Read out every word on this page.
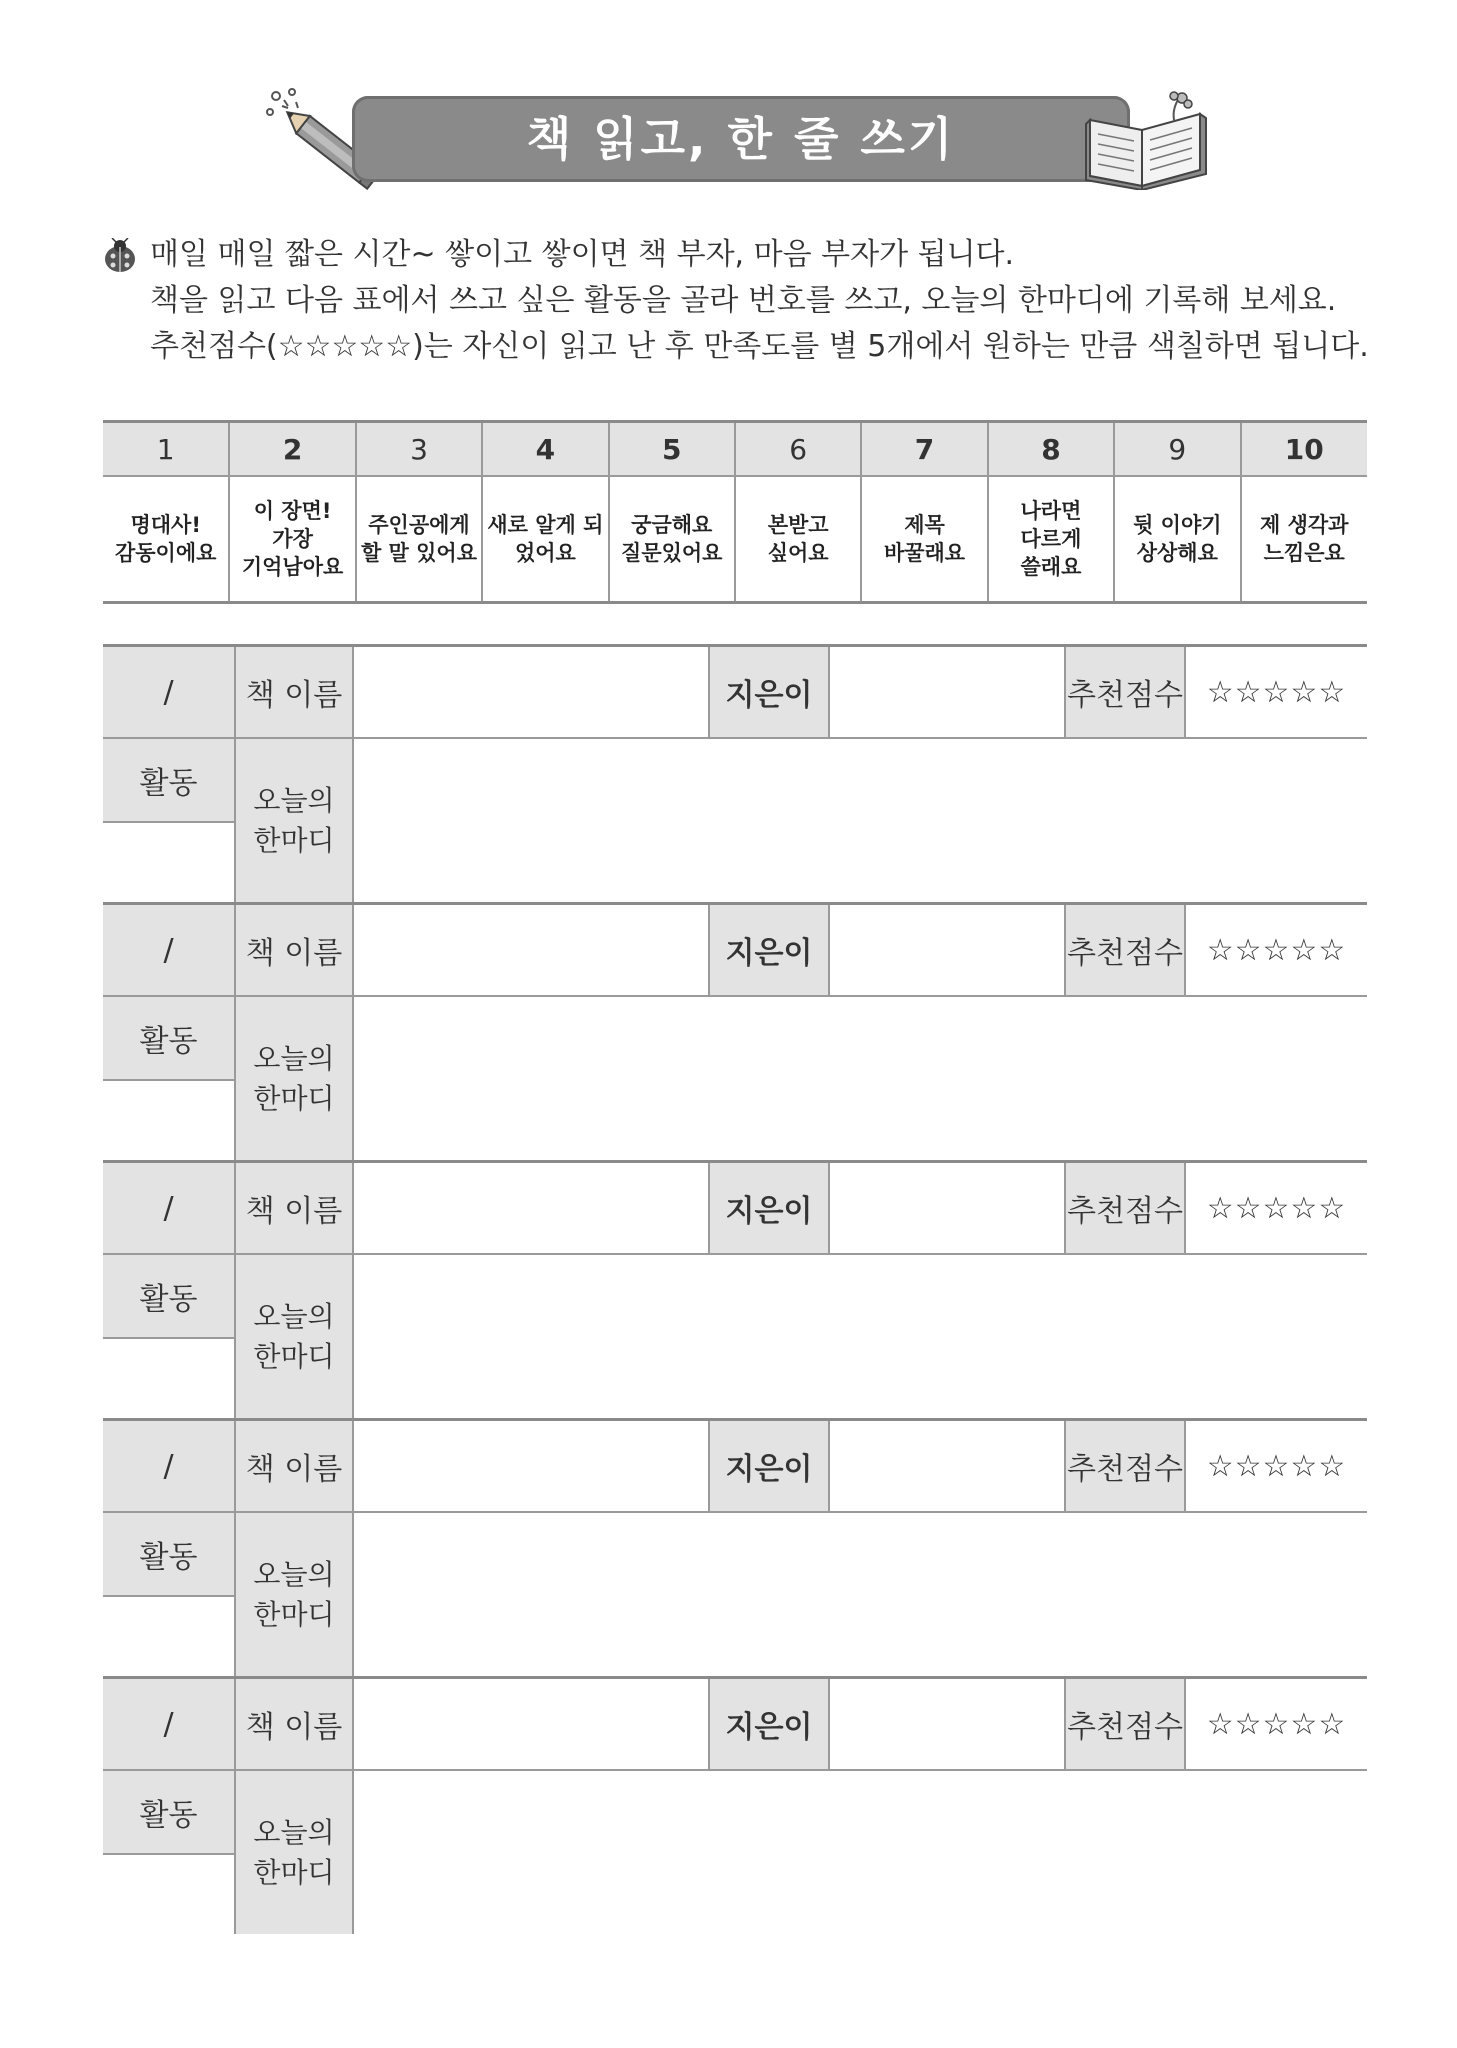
책 읽고, 한 줄 쓰기
매일 매일 짧은 시간~ 쌓이고 쌓이면 책 부자, 마음 부자가 됩니다.
책을 읽고 다음 표에서 쓰고 싶은 활동을 골라 번호를 쓰고, 오늘의 한마디에 기록해 보세요.
추천점수(☆☆☆☆☆)는 자신이 읽고 난 후 만족도를 별 5개에서 원하는 만큼 색칠하면 됩니다.
1	2	3	4	5	6	7	8	9	10
명대사!
감동이에요	이 장면!
가장
기억남아요	주인공에게
할 말 있어요	새로 알게 되
었어요	궁금해요
질문있어요	본받고
싶어요	제목
바꿀래요	나라면
다르게
쓸래요	뒷 이야기
상상해요	제 생각과
느낌은요
/	책 이름	지은이	추천점수 ☆☆☆☆☆
활동	오늘의
한마디
/	책 이름	지은이	추천점수 ☆☆☆☆☆
활동	오늘의
한마디
/	책 이름	지은이	추천점수 ☆☆☆☆☆
활동	오늘의
한마디
/	책 이름	지은이	추천점수 ☆☆☆☆☆
활동	오늘의
한마디
/	책 이름	지은이	추천점수 ☆☆☆☆☆
활동	오늘의
한마디
